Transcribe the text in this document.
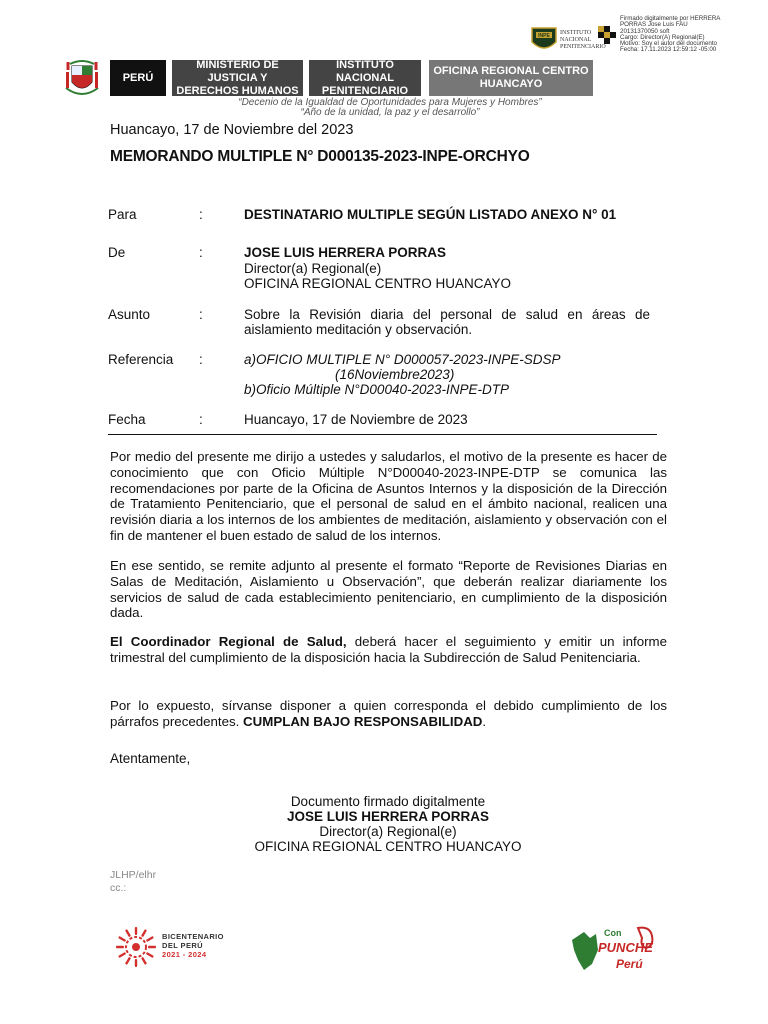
INPE INSTITUTO
NACIONAL
PENITENCIARIO
Firmado digitalmente por HERRERA
PORRAS Jose Luis FAU
20131370050 soft
Cargo: Director(A) Regional(E)
Motivo: Soy el autor del documento
Fecha: 17.11.2023 12:59:12 -05:00
PERÚ
MINISTERIO DE JUSTICIA Y DERECHOS HUMANOS
INSTITUTO NACIONAL PENITENCIARIO
OFICINA REGIONAL CENTRO HUANCAYO
“Decenio de la Igualdad de Oportunidades para Mujeres y Hombres”
“Año de la unidad, la paz y el desarrollo”
Huancayo, 17 de Noviembre del 2023
MEMORANDO MULTIPLE N° D000135-2023-INPE-ORCHYO
Para	:	DESTINATARIO MULTIPLE SEGÚN LISTADO ANEXO N° 01
De	:	JOSE LUIS HERRERA PORRAS
Director(a) Regional(e)
OFICINA REGIONAL CENTRO HUANCAYO
Asunto	:	Sobre la Revisión diaria del personal de salud en áreas de
aislamiento meditación y observación.
Referencia :	a)OFICIO MULTIPLE N° D000057-2023-INPE-SDSP
(16Noviembre2023)
b)Oficio Múltiple N°D00040-2023-INPE-DTP
Fecha	:	Huancayo, 17 de Noviembre de 2023
Por medio del presente me dirijo a ustedes y saludarlos, el motivo de la presente es hacer de conocimiento que con Oficio Múltiple N°D00040-2023-INPE-DTP se comunica las recomendaciones por parte de la Oficina de Asuntos Internos y la disposición de la Dirección de Tratamiento Penitenciario, que el personal de salud en el ámbito nacional, realicen una revisión diaria a los internos de los ambientes de meditación, aislamiento y observación con el fin de mantener el buen estado de salud de los internos.
En ese sentido, se remite adjunto al presente el formato “Reporte de Revisiones Diarias en Salas de Meditación, Aislamiento u Observación”, que deberán realizar diariamente los servicios de salud de cada establecimiento penitenciario, en cumplimiento de la disposición dada.
El Coordinador Regional de Salud, deberá hacer el seguimiento y emitir un informe trimestral del cumplimiento de la disposición hacia la Subdirección de Salud Penitenciaria.
Por lo expuesto, sírvanse disponer a quien corresponda el debido cumplimiento de los párrafos precedentes. CUMPLAN BAJO RESPONSABILIDAD.
Atentamente,
Documento firmado digitalmente
JOSE LUIS HERRERA PORRAS
Director(a) Regional(e)
OFICINA REGIONAL CENTRO HUANCAYO
JLHP/elhr
cc.:
BICENTENARIO
DEL PERÚ
2021 - 2024
Con
PUNCHE
Perú
